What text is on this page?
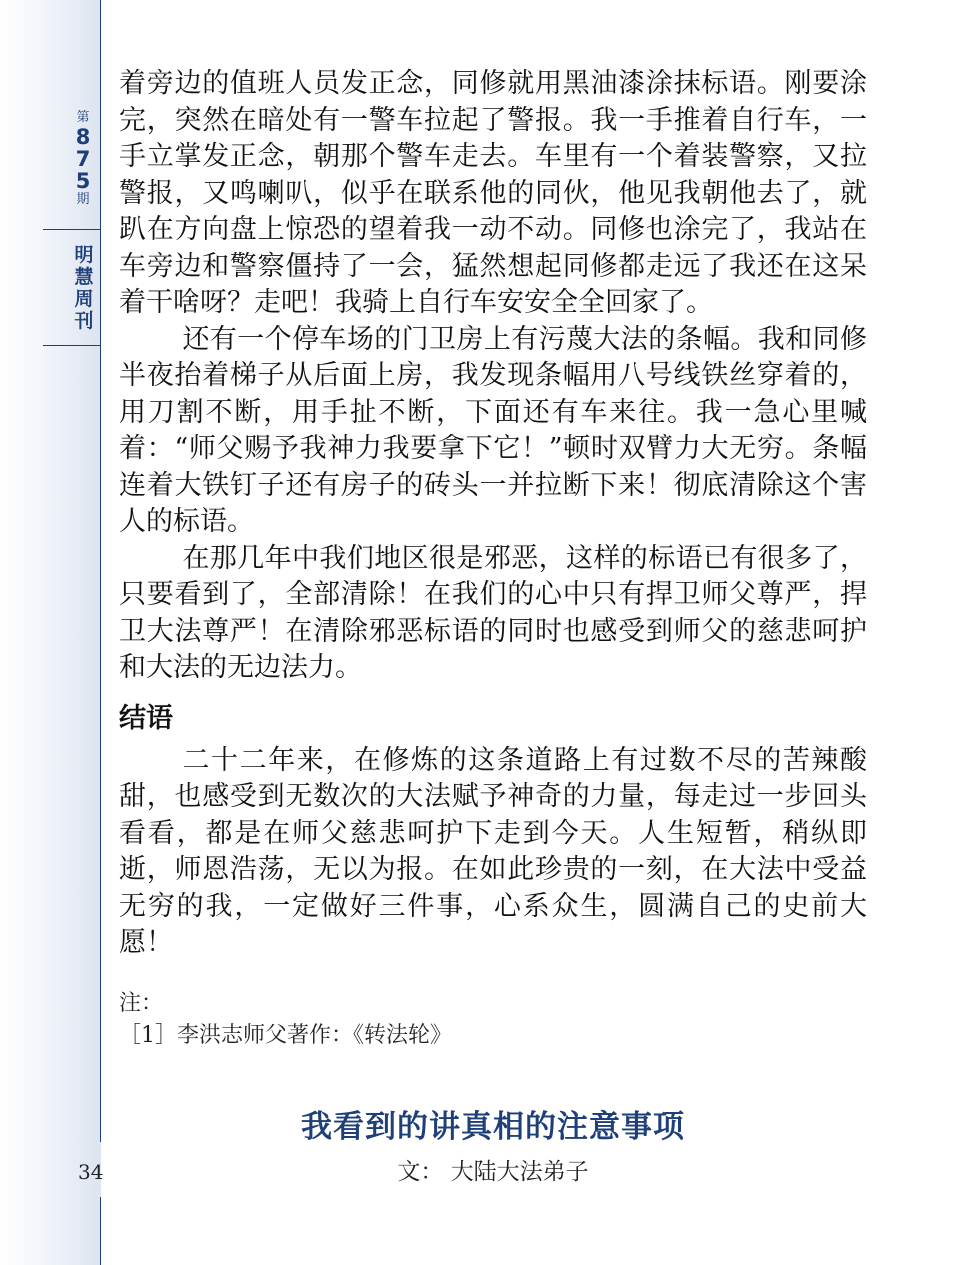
第
8
7
5
期
明
慧
周
刊
34

着旁边的值班人员发正念，同修就用黑油漆涂抹标语。刚要涂完，突然在暗处有一警车拉起了警报。我一手推着自行车，一手立掌发正念，朝那个警车走去。车里有一个着装警察，又拉警报，又鸣喇叭，似乎在联系他的同伙，他见我朝他去了，就趴在方向盘上惊恐的望着我一动不动。同修也涂完了，我站在车旁边和警察僵持了一会，猛然想起同修都走远了我还在这呆着干啥呀？走吧！我骑上自行车安安全全回家了。

还有一个停车场的门卫房上有污蔑大法的条幅。我和同修半夜抬着梯子从后面上房，我发现条幅用八号线铁丝穿着的，用刀割不断，用手扯不断，下面还有车来往。我一急心里喊着：“师父赐予我神力我要拿下它！”顿时双臂力大无穷。条幅连着大铁钉子还有房子的砖头一并拉断下来！彻底清除这个害人的标语。

在那几年中我们地区很是邪恶，这样的标语已有很多了，只要看到了，全部清除！在我们的心中只有捍卫师父尊严，捍卫大法尊严！在清除邪恶标语的同时也感受到师父的慈悲呵护和大法的无边法力。

结语

二十二年来，在修炼的这条道路上有过数不尽的苦辣酸甜，也感受到无数次的大法赋予神奇的力量，每走过一步回头看看，都是在师父慈悲呵护下走到今天。人生短暂，稍纵即逝，师恩浩荡，无以为报。在如此珍贵的一刻，在大法中受益无穷的我，一定做好三件事，心系众生，圆满自己的史前大愿！

注：
［1］李洪志师父著作：《转法轮》
我看到的讲真相的注意事项
文： 大陆大法弟子
